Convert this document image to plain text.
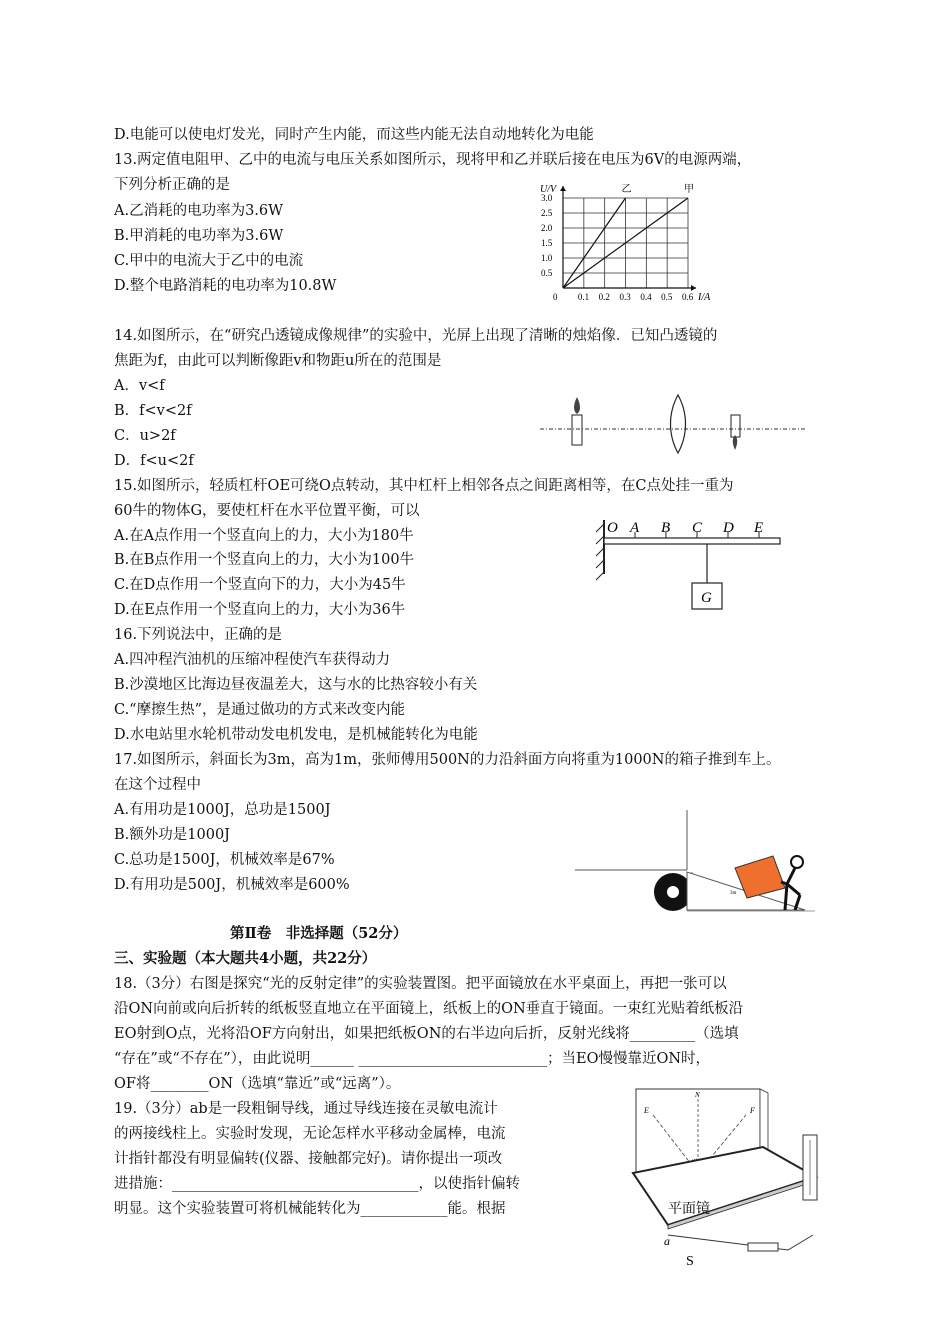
D.电能可以使电灯发光，同时产生内能，而这些内能无法自动地转化为电能
13.两定值电阻甲、乙中的电流与电压关系如图所示，现将甲和乙并联后接在电压为6V的电源两端，
下列分析正确的是
A.乙消耗的电功率为3.6W
B.甲消耗的电功率为3.6W
C.甲中的电流大于乙中的电流
D.整个电路消耗的电功率为10.8W
14.如图所示，在“研究凸透镜成像规律”的实验中，光屏上出现了清晰的烛焰像．已知凸透镜的
焦距为f，由此可以判断像距v和物距u所在的范围是
A．v<f
B．f<v<2f
C．u>2f
D．f<u<2f
15.如图所示，轻质杠杆OE可绕O点转动，其中杠杆上相邻各点之间距离相等，在C点处挂一重为
60牛的物体G，要使杠杆在水平位置平衡，可以
A.在A点作用一个竖直向上的力，大小为180牛
B.在B点作用一个竖直向上的力，大小为100牛
C.在D点作用一个竖直向下的力，大小为45牛
D.在E点作用一个竖直向上的力，大小为36牛
16.下列说法中，正确的是
A.四冲程汽油机的压缩冲程使汽车获得动力
B.沙漠地区比海边昼夜温差大，这与水的比热容较小有关
C.“摩擦生热”，是通过做功的方式来改变内能
D.水电站里水轮机带动发电机发电，是机械能转化为电能
17.如图所示，斜面长为3m，高为1m，张师傅用500N的力沿斜面方向将重为1000N的箱子推到车上。
在这个过程中
A.有用功是1000J，总功是1500J
B.额外功是1000J
C.总功是1500J，机械效率是67%
D.有用功是500J，机械效率是600%
第Ⅱ卷　非选择题（52分）
三、实验题（本大题共4小题，共22分）
18.（3分）右图是探究“光的反射定律”的实验装置图。把平面镜放在水平桌面上，再把一张可以
沿ON向前或向后折转的纸板竖直地立在平面镜上，纸板上的ON垂直于镜面。一束红光贴着纸板沿
EO射到O点，光将沿OF方向射出，如果把纸板ON的右半边向后折，反射光线将_________（选填
“存在”或“不存在”），由此说明______ __________________________；当EO慢慢靠近ON时，
OF将________ON（选填“靠近”或“远离”）。
19.（3分）ab是一段粗铜导线，通过导线连接在灵敏电流计
的两接线柱上。实验时发现，无论怎样水平移动金属棒，电流
计指针都没有明显偏转(仪器、接触都完好)。请你提出一项改
进措施：__________________________________，以使指针偏转
明显。这个实验装置可将机械能转化为____________能。根据
乙	甲
0 0.1 0.2 0.3 0.4 0.5 0.6
0.5
1.0
1.5
2.0
2.5
3.0
U/V
I/A
O A B C D E
G
3m
E
N
F
平面镜
a
S
